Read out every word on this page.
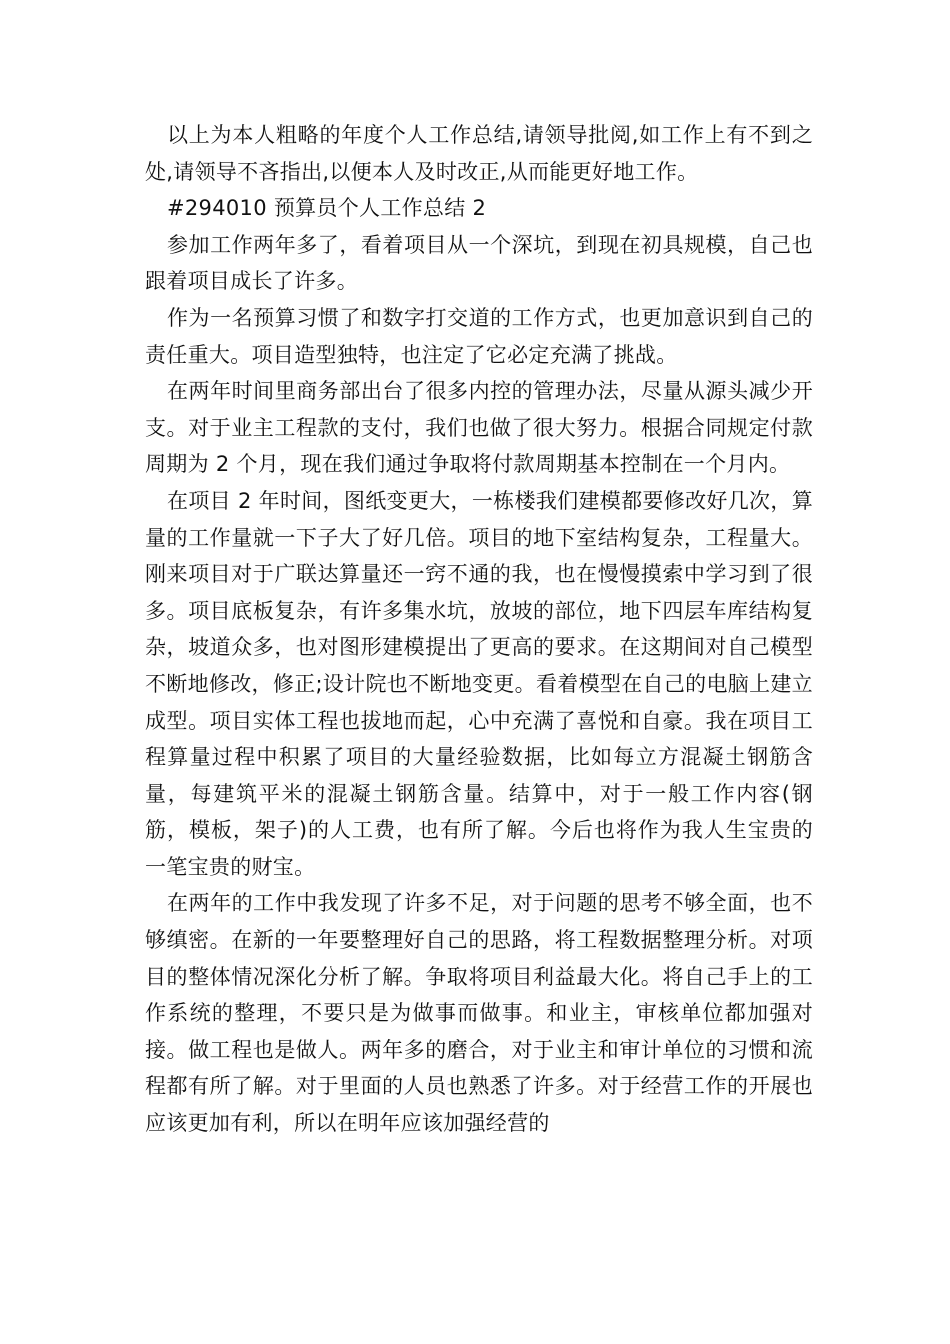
以上为本人粗略的年度个人工作总结,请领导批阅,如工作上有不到之处,请领导不吝指出,以便本人及时改正,从而能更好地工作。

#294010 预算员个人工作总结 2

参加工作两年多了，看着项目从一个深坑，到现在初具规模，自己也跟着项目成长了许多。

作为一名预算习惯了和数字打交道的工作方式，也更加意识到自己的责任重大。项目造型独特，也注定了它必定充满了挑战。

在两年时间里商务部出台了很多内控的管理办法，尽量从源头减少开支。对于业主工程款的支付，我们也做了很大努力。根据合同规定付款周期为 2 个月，现在我们通过争取将付款周期基本控制在一个月内。

在项目 2 年时间，图纸变更大，一栋楼我们建模都要修改好几次，算量的工作量就一下子大了好几倍。项目的地下室结构复杂，工程量大。刚来项目对于广联达算量还一窍不通的我，也在慢慢摸索中学习到了很多。项目底板复杂，有许多集水坑，放坡的部位，地下四层车库结构复杂，坡道众多，也对图形建模提出了更高的要求。在这期间对自己模型不断地修改，修正;设计院也不断地变更。看着模型在自己的电脑上建立成型。项目实体工程也拔地而起，心中充满了喜悦和自豪。我在项目工程算量过程中积累了项目的大量经验数据，比如每立方混凝土钢筋含量，每建筑平米的混凝土钢筋含量。结算中，对于一般工作内容(钢筋，模板，架子)的人工费，也有所了解。今后也将作为我人生宝贵的一笔宝贵的财宝。

在两年的工作中我发现了许多不足，对于问题的思考不够全面，也不够缜密。在新的一年要整理好自己的思路，将工程数据整理分析。对项目的整体情况深化分析了解。争取将项目利益最大化。将自己手上的工作系统的整理，不要只是为做事而做事。和业主，审核单位都加强对接。做工程也是做人。两年多的磨合，对于业主和审计单位的习惯和流程都有所了解。对于里面的人员也熟悉了许多。对于经营工作的开展也应该更加有利，所以在明年应该加强经营的
